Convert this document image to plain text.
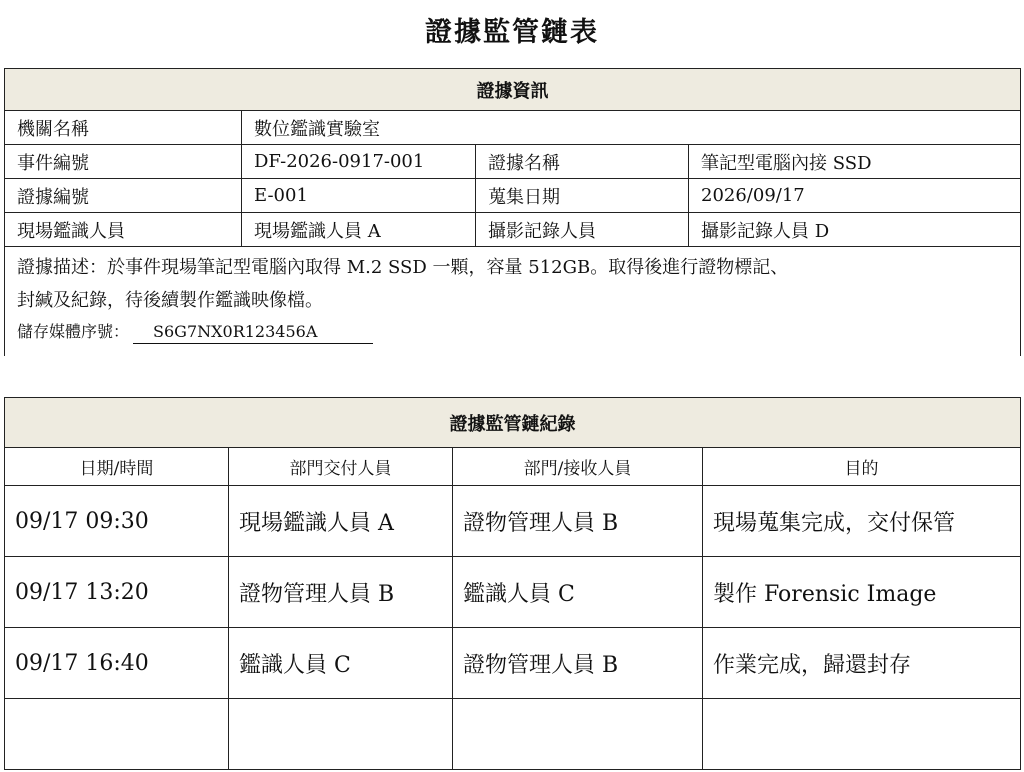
證據監管鏈表
證據資訊			
機關名稱	數位鑑識實驗室		
事件編號	DF-2026-0917-001	證據名稱	筆記型電腦內接 SSD
證據編號	E-001	蒐集日期	2026/09/17
現場鑑識人員	現場鑑識人員 A	攝影記錄人員	攝影記錄人員 D

證據描述：於事件現場筆記型電腦內取得 M.2 SSD 一顆，容量 512GB。取得後進行證物標記、
封緘及紀錄，待後續製作鑑識映像檔。
儲存媒體序號： S6G7NX0R123456A			
證據監管鏈紀錄			
日期/時間	部門交付人員	部門/接收人員	目的
09/17 09:30	現場鑑識人員 A	證物管理人員 B	現場蒐集完成，交付保管
09/17 13:20	證物管理人員 B	鑑識人員 C	製作 Forensic Image
09/17 16:40	鑑識人員 C	證物管理人員 B	作業完成，歸還封存
